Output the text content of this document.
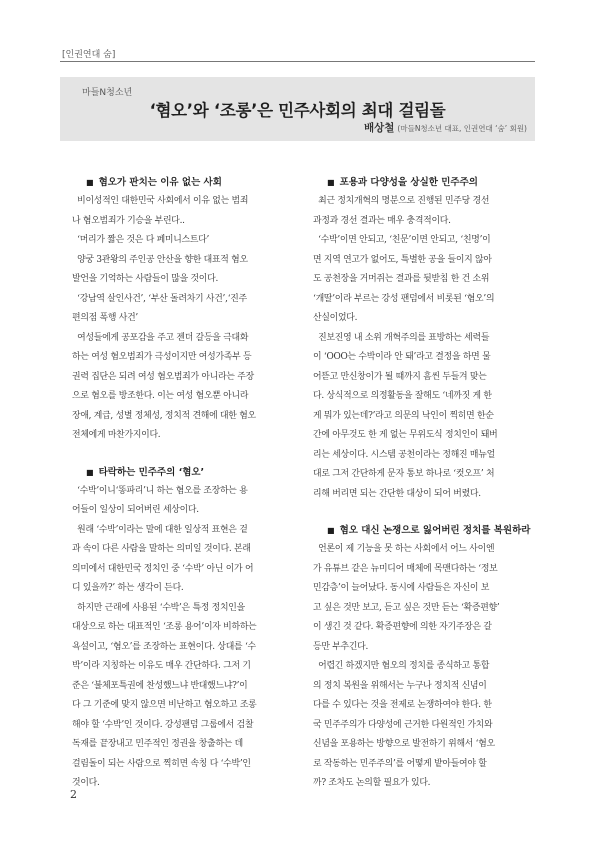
[인권연대 숨]
마들N청소년
‘혐오’와 ‘조롱’은 민주사회의 최대 걸림돌
배상철 (마들N청소년 대표, 인권연대 ‘숨’ 회원)
■ 혐오가 판치는 이유 없는 사회

비이성적인 대한민국 사회에서 이유 없는 범죄
나 혐오범죄가 기승을 부린다..

‘머리가 짧은 것은 다 페미니스트다’

양궁 3관왕의 주인공 안산을 향한 대표적 혐오
발언을 기억하는 사람들이 많을 것이다.

‘강남역 살인사건’, ‘부산 돌려차기 사건’,‘진주
편의점 폭행 사건’

여성들에게 공포감을 주고 젠더 갈등을 극대화
하는 여성 혐오범죄가 극성이지만 여성가족부 등
권력 집단은 되려 여성 혐오범죄가 아니라는 주장
으로 혐오를 방조한다. 이는 여성 혐오뿐 아니라
장애, 계급, 성별 정체성, 정치적 견해에 대한 혐오
전체에게 마찬가지이다.

■ 타락하는 민주주의 ‘혐오’

‘수박’이니‘똥파리’니 하는 혐오를 조장하는 용
어들이 일상이 되어버린 세상이다.

원래 ‘수박’이라는 말에 대한 일상적 표현은 겉
과 속이 다른 사람을 말하는 의미일 것이다. 본래
의미에서 대한민국 정치인 중 ‘수박’ 아닌 이가 어
디 있을까?’ 하는 생각이 든다.

하지만 근래에 사용된 ‘수박’은 특정 정치인을
대상으로 하는 대표적인 ‘조롱 용어’이자 비하하는
욕설이고, ‘혐오’를 조장하는 표현이다. 상대를 ‘수
박’이라 지칭하는 이유도 매우 간단하다. 그저 기
준은 ‘불체포특권에 찬성했느냐 반대했느냐?’이
다 그 기준에 맞지 않으면 비난하고 혐오하고 조롱
해야 할 ‘수박’인 것이다. 강성팬덤 그룹에서 검찰
독재를 끝장내고 민주적인 정권을 창출하는 데
걸림돌이 되는 사람으로 찍히면 속칭 다 ‘수박’인
것이다.

■ 포용과 다양성을 상실한 민주주의

최근 정치개혁의 명분으로 진행된 민주당 경선
과정과 경선 결과는 매우 충격적이다.

‘수박’이면 안되고, ‘친문’이면 안되고, ‘친명’이
면 지역 연고가 없어도, 특별한 공을 들이지 않아
도 공천장을 거머쥐는 결과를 뒷받침 한 건 소위
‘개딸’이라 부르는 강성 팬덤에서 비롯된 ‘혐오’의
산실이었다.

진보진영 내 소위 개혁주의를 표방하는 세력들
이 ‘OOO는 수박이라 안 돼’라고 결정을 하면 물
어뜯고 만신창이가 될 때까지 흠씬 두들겨 맞는
다. 상식적으로 의정활동을 잘해도 ‘네까짓 게 한
게 뭐가 있는데?’라고 의문의 낙인이 찍히면 한순
간에 아무것도 한 게 없는 무위도식 정치인이 돼버
리는 세상이다. 시스템 공천이라는 정해진 매뉴얼
대로 그저 간단하게 문자 통보 하나로 ‘컷오프’ 처
리해 버리면 되는 간단한 대상이 되어 버렸다.

■ 혐오 대신 논쟁으로 잃어버린 정치를 복원하라

언론이 제 기능을 못 하는 사회에서 어느 사이엔
가 유튜브 같은 뉴미디어 매체에 목맨다하는 ‘정보
민감층’이 늘어났다. 동시에 사람들은 자신이 보
고 싶은 것만 보고, 듣고 싶은 것만 듣는 ‘확증편향’
이 생긴 것 같다. 확증편향에 의한 자기주장은 갈
등만 부추긴다.

어렵긴 하겠지만 혐오의 정치를 종식하고 통합
의 정치 복원을 위해서는 누구나 정치적 신념이
다를 수 있다는 것을 전제로 논쟁하여야 한다. 한
국 민주주의가 다양성에 근거한 다원적인 가치와
신념을 포용하는 방향으로 발전하기 위해서 ‘혐오
로 작동하는 민주주의’를 어떻게 밭아들여야 할
까? 조차도 논의할 필요가 있다.

2
